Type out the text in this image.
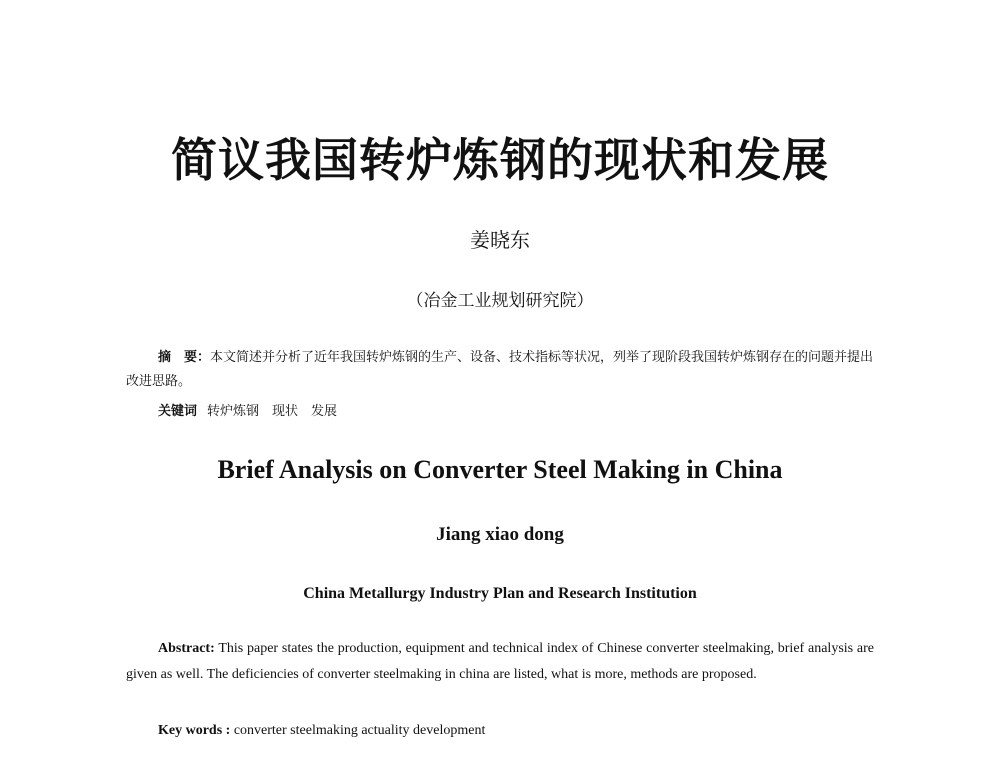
简议我国转炉炼钢的现状和发展
姜晓东
（冶金工业规划研究院）
摘　要：本文简述并分析了近年我国转炉炼钢的生产、设备、技术指标等状况，列举了现阶段我国转炉炼钢存在的问题并提出改进思路。
关键词 转炉炼钢　现状　发展
Brief Analysis on Converter Steel Making in China
Jiang xiao dong
China Metallurgy Industry Plan and Research Institution
Abstract: This paper states the production, equipment and technical index of Chinese converter steelmaking, brief analysis are given as well. The deficiencies of converter steelmaking in china are listed, what is more, methods are proposed.
Key words : converter steelmaking actuality development
